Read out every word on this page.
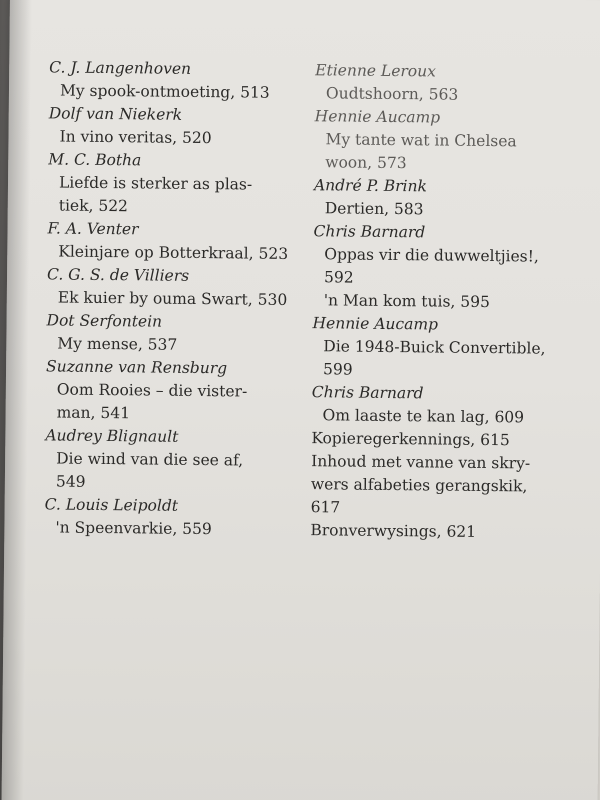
C. J. Langenhoven
My spook-ontmoeting, 513
Dolf van Niekerk
In vino veritas, 520
M. C. Botha
Liefde is sterker as plas-
tiek, 522
F. A. Venter
Kleinjare op Botterkraal, 523
C. G. S. de Villiers
Ek kuier by ouma Swart, 530
Dot Serfontein
My mense, 537
Suzanne van Rensburg
Oom Rooies – die vister-
man, 541
Audrey Blignault
Die wind van die see af,
549
C. Louis Leipoldt
'n Speenvarkie, 559
Etienne Leroux
Oudtshoorn, 563
Hennie Aucamp
My tante wat in Chelsea
woon, 573
André P. Brink
Dertien, 583
Chris Barnard
Oppas vir die duwweltjies!,
592
'n Man kom tuis, 595
Hennie Aucamp
Die 1948-Buick Convertible,
599
Chris Barnard
Om laaste te kan lag, 609
Kopieregerkennings, 615
Inhoud met vanne van skry-
wers alfabeties gerangskik,
617
Bronverwysings, 621
